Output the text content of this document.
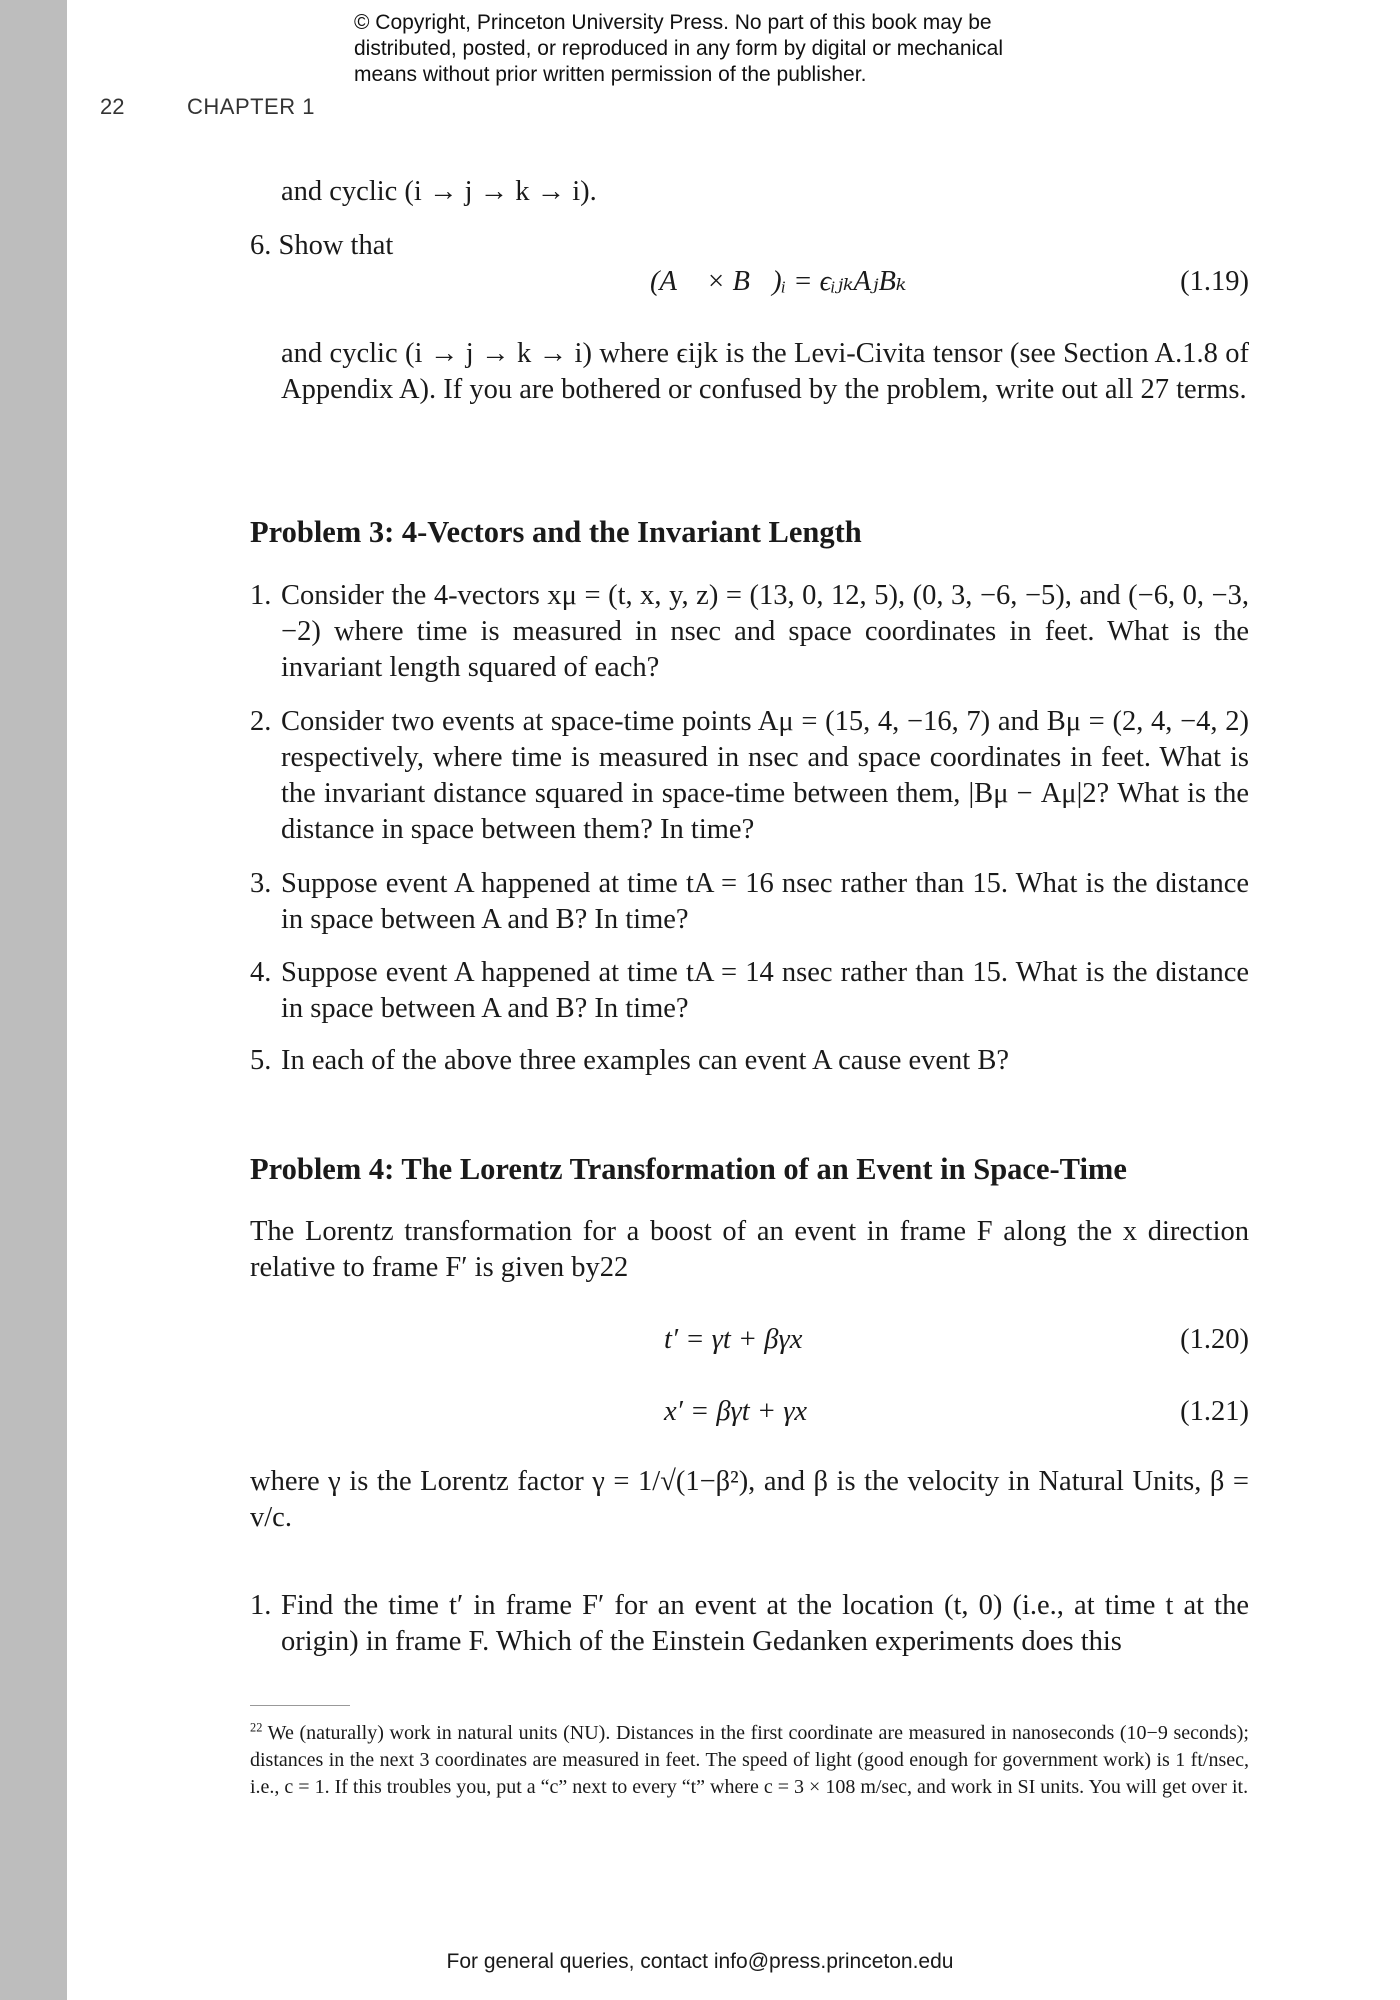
© Copyright, Princeton University Press. No part of this book may be
distributed, posted, or reproduced in any form by digital or mechanical
means without prior written permission of the publisher.
22	CHAPTER 1
and cyclic (i → j → k → i).
6. Show that
(A⃗ × B⃗)ᵢ = ϵᵢⱼₖAⱼBₖ	(1.19)
and cyclic (i → j → k → i) where ϵijk is the Levi-Civita tensor (see Section A.1.8 of Appendix A). If you are bothered or confused by the problem, write out all 27 terms.
Problem 3: 4-Vectors and the Invariant Length
1. Consider the 4-vectors xμ = (t, x, y, z) = (13, 0, 12, 5), (0, 3, −6, −5), and (−6, 0, −3, −2) where time is measured in nsec and space coordinates in feet. What is the invariant length squared of each?
2. Consider two events at space-time points Aμ = (15, 4, −16, 7) and Bμ = (2, 4, −4, 2) respectively, where time is measured in nsec and space coordinates in feet. What is the invariant distance squared in space-time between them, |Bμ − Aμ|2? What is the distance in space between them? In time?
3. Suppose event A happened at time tA = 16 nsec rather than 15. What is the distance in space between A and B? In time?
4. Suppose event A happened at time tA = 14 nsec rather than 15. What is the distance in space between A and B? In time?
5. In each of the above three examples can event A cause event B?
Problem 4: The Lorentz Transformation of an Event in Space-Time
The Lorentz transformation for a boost of an event in frame F along the x direction relative to frame F′ is given by22
t′ = γt + βγx	(1.20)
x′ = βγt + γx	(1.21)
where γ is the Lorentz factor γ = 1/√(1−β²), and β is the velocity in Natural Units, β = v/c.
1. Find the time t′ in frame F′ for an event at the location (t, 0) (i.e., at time t at the origin) in frame F. Which of the Einstein Gedanken experiments does this
$^{22}$ We (naturally) work in natural units (NU). Distances in the first coordinate are measured in nanoseconds (10−9 seconds); distances in the next 3 coordinates are measured in feet. The speed of light (good enough for government work) is 1 ft/nsec, i.e., c = 1. If this troubles you, put a “c” next to every “t” where c = 3 × 108 m/sec, and work in SI units. You will get over it.
For general queries, contact info@press.princeton.edu
